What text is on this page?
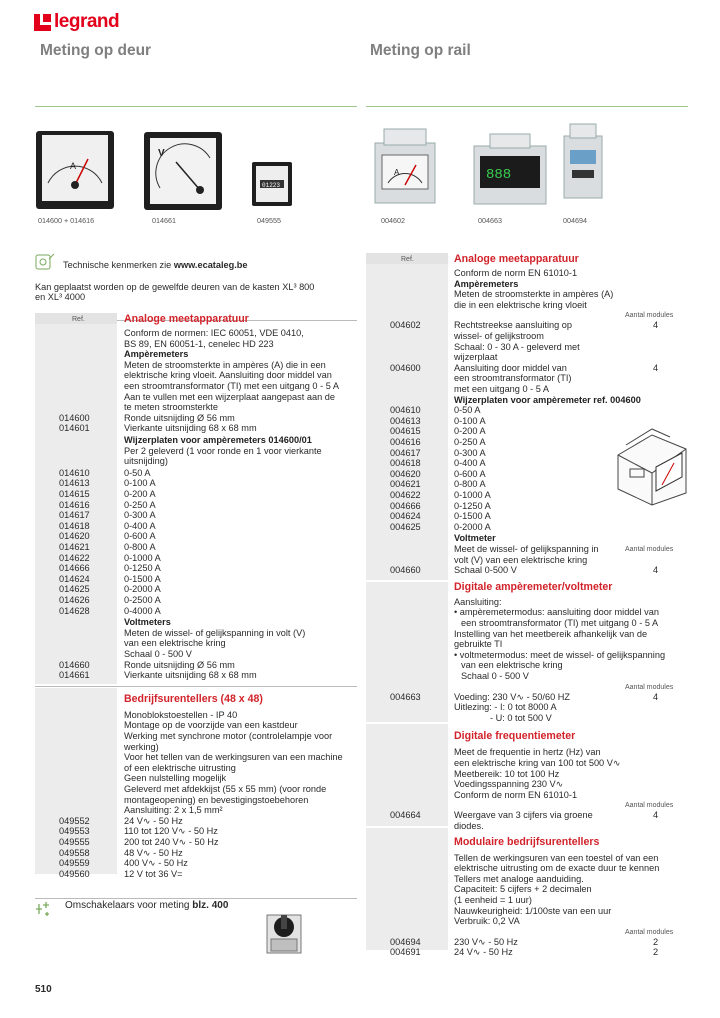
legrand
Meting op deur	Meting op rail
A
014600 + 014616
V
014661
01223
049555
A
004602
888
004663	004694
Technische kenmerken zie www.ecataleg.be
Kan geplaatst worden op de gewelfde deuren van de kasten XL³ 800
en XL³ 4000
Ref.	Analoge meetapparatuur
Conform de normen: IEC 60051, VDE 0410,
BS 89, EN 60051-1, cenelec HD 223
Ampèremeters
Meten de stroomsterkte in ampères (A) die in een
elektrische kring vloeit. Aansluiting door middel van
een stroomtransformator (TI) met een uitgang 0 - 5 A
Aan te vullen met een wijzerplaat aangepast aan de
te meten stroomsterkte
014600	Ronde uitsnijding Ø 56 mm
014601	Vierkante uitsnijding 68 x 68 mm
Wijzerplaten voor ampèremeters 014600/01
Per 2 geleverd (1 voor ronde en 1 voor vierkante
uitsnijding)
014610	0-50 A
014613	0-100 A
014615	0-200 A
014616	0-250 A
014617	0-300 A
014618	0-400 A
014620	0-600 A
014621	0-800 A
014622	0-1000 A
014666	0-1250 A
014624	0-1500 A
014625	0-2000 A
014626	0-2500 A
014628	0-4000 A
Voltmeters
Meten de wissel- of gelijkspanning in volt (V)
van een elektrische kring
Schaal 0 - 500 V
014660	Ronde uitsnijding Ø 56 mm
014661	Vierkante uitsnijding 68 x 68 mm
Bedrijfsurentellers (48 x 48)
Monoblokstoestellen - IP 40
Montage op de voorzijde van een kastdeur
Werking met synchrone motor (controlelampje voor
werking)
Voor het tellen van de werkingsuren van een machine
of een elektrische uitrusting
Geen nulstelling mogelijk
Geleverd met afdekkijst (55 x 55 mm) (voor ronde
montageopening) en bevestigingstoebehoren
Aansluiting: 2 x 1,5 mm²
049552	24 V∿ - 50 Hz
049553	110 tot 120 V∿ - 50 Hz
049555	200 tot 240 V∿ - 50 Hz
049558	48 V∿ - 50 Hz
049559	400 V∿ - 50 Hz
049560	12 V tot 36 V=
Omschakelaars voor meting blz. 400
510
Ref.	Analoge meetapparatuur
Conform de norm EN 61010-1
Ampèremeters
Meten de stroomsterkte in ampères (A)
die in een elektrische kring vloeit
Aantal modules
004602	Rechtstreekse aansluiting op	4
wissel- of gelijkstroom
Schaal: 0 - 30 A - geleverd met
wijzerplaat
004600	Aansluiting door middel van	4
een stroomtransformator (TI)
met een uitgang 0 - 5 A
Wijzerplaten voor ampèremeter ref. 004600
004610	0-50 A
004613	0-100 A
004615	0-200 A
004616	0-250 A
004617	0-300 A
004618	0-400 A
004620	0-600 A
004621	0-800 A
004622	0-1000 A
004666	0-1250 A
004624	0-1500 A
004625	0-2000 A
Voltmeter
Meet de wissel- of gelijkspanning in	Aantal modules
volt (V) van een elektrische kring
004660	Schaal 0-500 V	4
Digitale ampèremeter/voltmeter
Aansluiting:
• ampèremetermodus: aansluiting door middel van
een stroomtransformator (TI) met uitgang 0 - 5 A
Instelling van het meetbereik afhankelijk van de
gebruikte TI
• voltmetermodus: meet de wissel- of gelijkspanning
van een elektrische kring
Schaal 0 - 500 V
Aantal modules
004663	Voeding: 230 V∿ - 50/60 HZ	4
Uitlezing: - I: 0 tot 8000 A
- U: 0 tot 500 V
Digitale frequentiemeter
Meet de frequentie in hertz (Hz) van
een elektrische kring van 100 tot 500 V∿
Meetbereik: 10 tot 100 Hz
Voedingsspanning 230 V∿
Conform de norm EN 61010-1
Aantal modules
004664	Weergave van 3 cijfers via groene	4
diodes.
Modulaire bedrijfsurentellers
Tellen de werkingsuren van een toestel of van een
elektrische uitrusting om de exacte duur te kennen
Tellers met analoge aanduiding.
Capaciteit: 5 cijfers + 2 decimalen
(1 eenheid = 1 uur)
Nauwkeurigheid: 1/100ste van een uur
Verbruik: 0,2 VA
Aantal modules
004694	230 V∿ - 50 Hz	2
004691	24 V∿ - 50 Hz	2
